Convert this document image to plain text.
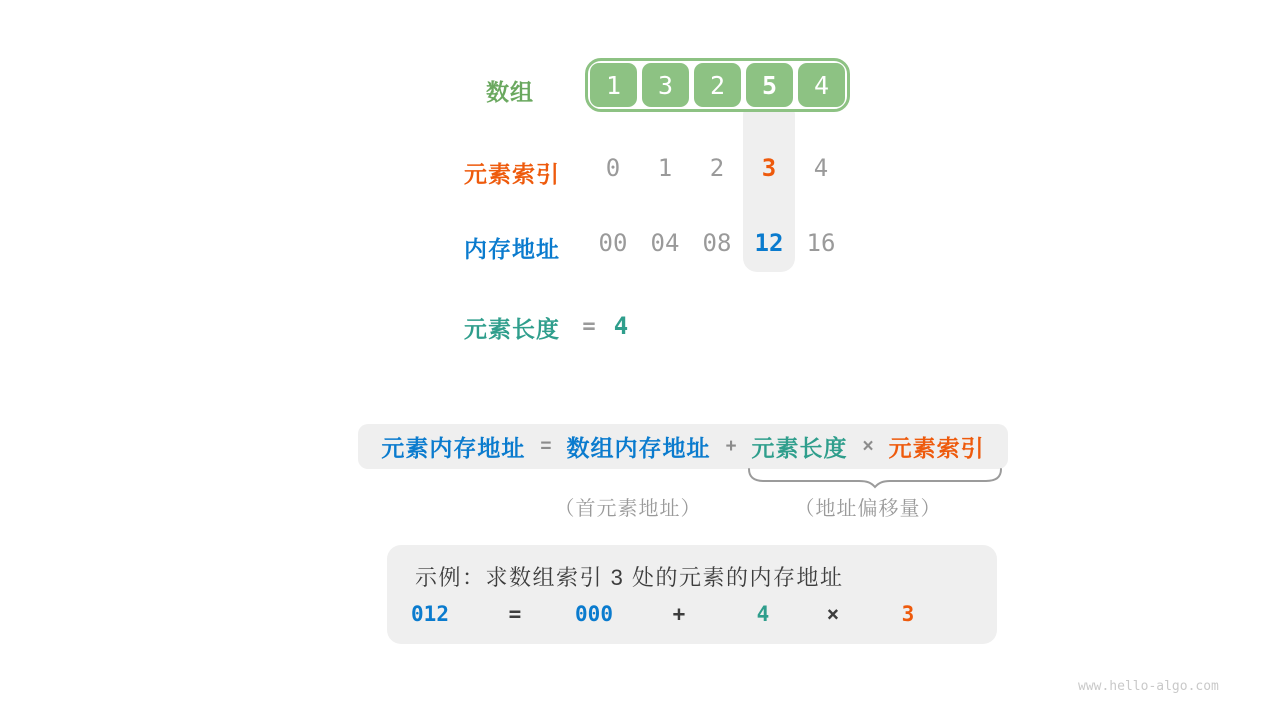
数组	1	3	2	5	4
元素索引 0 1 2 3 4
内存地址 00 04 08 12 16
元素长度 = 4
元素内存地址 = 数组内存地址 + 元素长度 × 元素索引
（首元素地址）	（地址偏移量）
示例：求数组索引 3 处的元素的内存地址
012	=	000	+	4	×	3
www.hello-algo.com
